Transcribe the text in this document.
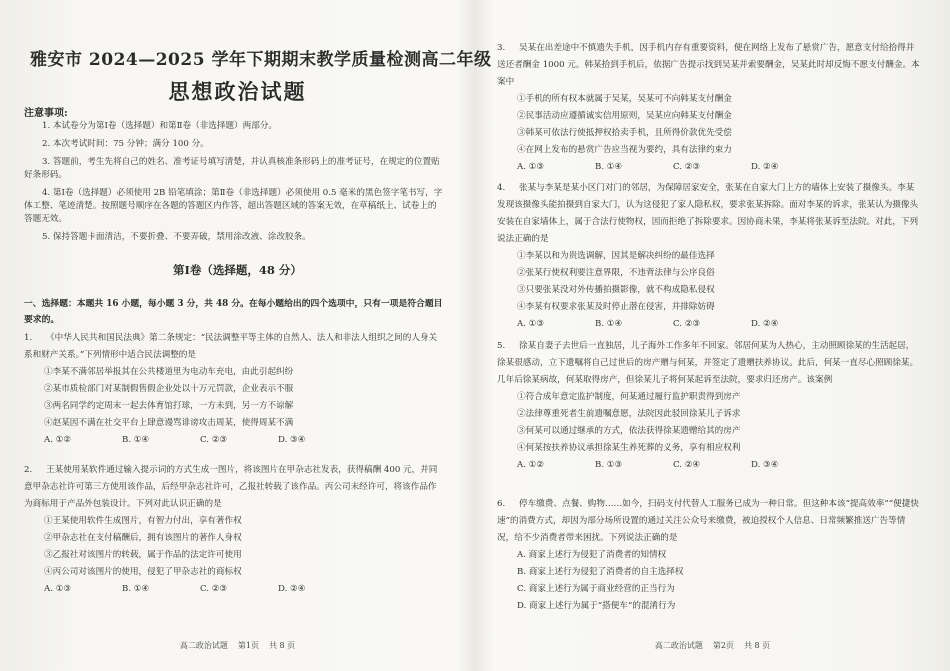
雅安市 2024—2025 学年下期期末教学质量检测高二年级
思想政治试题
注意事项:

1. 本试卷分为第Ⅰ卷（选择题）和第Ⅱ卷（非选择题）两部分。

2. 本次考试时间：75 分钟；满分 100 分。

3. 答题前，考生先将自己的姓名、准考证号填写清楚，并认真核准条形码上的准考证号，在规定的位置贴好条形码。

4. 第Ⅰ卷（选择题）必须使用 2B 铅笔填涂；第Ⅱ卷（非选择题）必须使用 0.5 毫米的黑色签字笔书写，字体工整、笔迹清楚。按照题号顺序在各题的答题区内作答，超出答题区域的答案无效，在草稿纸上、试卷上的答题无效。

5. 保持答题卡面清洁，不要折叠、不要弄破，禁用涂改液、涂改胶条。

第Ⅰ卷（选择题，48 分）
一、选择题：本题共 16 小题，每小题 3 分，共 48 分。在每小题给出的四个选项中，只有一项是符合题目要求的。

1. 《中华人民共和国民法典》第二条规定：“民法调整平等主体的自然人、法人和非法人组织之间的人身关系和财产关系。”下列情形中适合民法调整的是

①李某不满邻居举报其在公共楼道里为电动车充电，由此引起纠纷

②某市质检部门对某制假售假企业处以十万元罚款，企业表示不服

③两名同学约定周末一起去体育馆打球，一方未到，另一方不谅解

④赵某因不满在社交平台上肆意谩骂诽谤攻击周某，使得周某不满

A. ①②	B. ①④	C. ②③	D. ③④

2. 王某使用某软件通过输入提示词的方式生成一图片，将该图片在甲杂志社发表，获得稿酬 400 元，并同意甲杂志社许可第三方使用该作品，后经甲杂志社许可，乙报社转载了该作品。丙公司未经许可，将该作品作为商标用于产品外包装设计。下列对此认识正确的是

①王某使用软件生成图片，有智力付出，享有著作权

②甲杂志社在支付稿酬后，拥有该图片的著作人身权

③乙报社对该图片的转载，属于作品的法定许可使用

④丙公司对该图片的使用，侵犯了甲杂志社的商标权

A. ①③	B. ①④	C. ②③	D. ②④

高二政治试题 第1页 共 8 页

3. 吴某在出差途中不慎遗失手机，因手机内存有重要资料，便在网络上发布了悬赏广告，愿意支付给拾得并送还者酬金 1000 元。韩某拾到手机后，依据广告提示找到吴某并索要酬金，吴某此时却反悔不愿支付酬金。本案中

①手机的所有权本就属于吴某，吴某可不向韩某支付酬金

②民事活动应遵循诚实信用原则，吴某应向韩某支付酬金

③韩某可依法行使抵押权拾卖手机，且所得价款优先受偿

④在网上发布的悬赏广告应当视为要约，具有法律约束力

A. ①③	B. ①④	C. ②③	D. ②④

4. 张某与李某是某小区门对门的邻居，为保障居家安全，张某在自家大门上方的墙体上安装了摄像头。李某发现该摄像头能拍摄到自家大门，认为这侵犯了家人隐私权，要求张某拆除。面对李某的诉求，张某认为摄像头安装在自家墙体上，属于合法行使物权，因而拒绝了拆除要求。因协商未果，李某将张某诉至法院。对此，下列说法正确的是

①李某以和为贵选调解，因其是解决纠纷的最佳选择

②张某行使权利要注意界限，不违背法律与公序良俗

③只要张某没对外传播拍摄影像，就不构成隐私侵权

④李某有权要求张某及时停止潜在侵害，并排除妨碍

A. ①③	B. ①④	C. ②③	D. ②④

5. 徐某自妻子去世后一直独居，儿子海外工作多年不回家。邻居何某为人热心，主动照顾徐某的生活起居，徐某很感动，立下遗嘱将自己过世后的房产赠与何某，并签定了遗赠扶养协议。此后，何某一直尽心照顾徐某。几年后徐某病故，何某取得房产，但徐某儿子将何某起诉至法院，要求归还房产。该案例

①符合成年意定监护制度，何某通过履行监护职责得到房产

②法律尊重死者生前遗嘱意愿，法院因此驳回徐某儿子诉求

③何某可以通过继承的方式，依法获得徐某遗赠给其的房产

④何某按扶养协议承担徐某生养死葬的义务，享有相应权利

A. ①②	B. ①③	C. ②④	D. ③④

6. 停车缴费、点餐、购物……如今，扫码支付代替人工服务已成为一种日常。但这种本该“提高效率”“便捷快速”的消费方式，却因为部分场所设置的通过关注公众号来缴费，被迫授权个人信息、日常频繁推送广告等情况，给不少消费者带来困扰。下列说法正确的是

A. 商家上述行为侵犯了消费者的知情权

B. 商家上述行为侵犯了消费者的自主选择权

C. 商家上述行为属于商业经营的正当行为

D. 商家上述行为属于“搭便车”的混淆行为

高二政治试题 第2页 共 8 页
